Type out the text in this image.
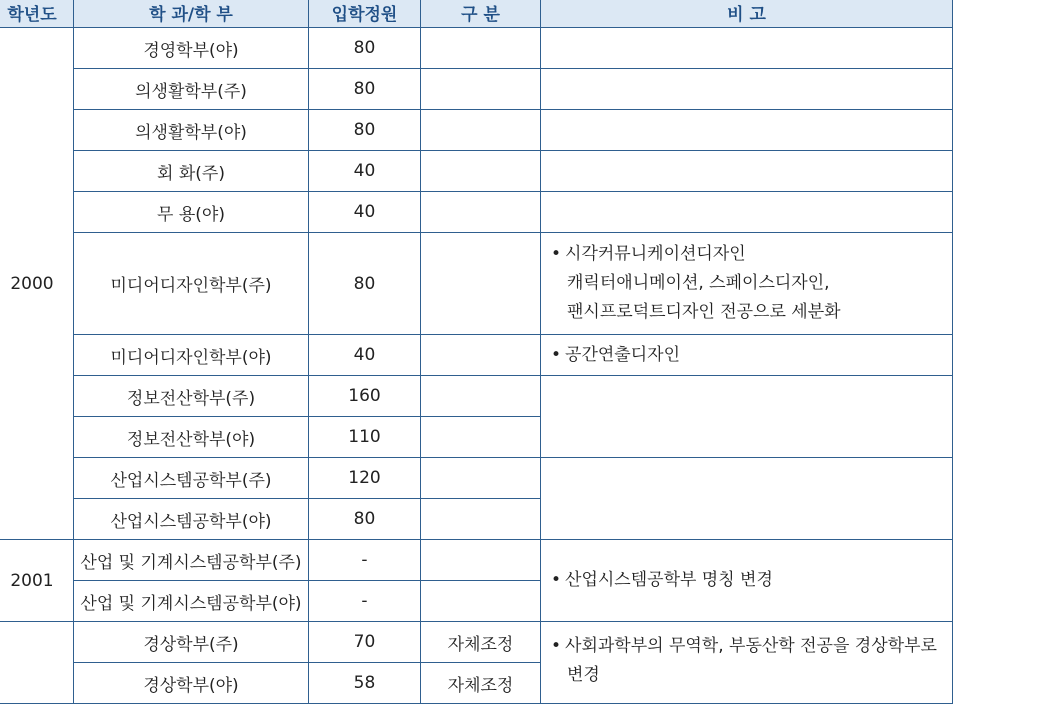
학년도	학 과/학 부	입학정원	구 분	비 고
2000	경영학부(야)	80		
	의생활학부(주)	80		
	의생활학부(야)	80		
	회 화(주)	40		
	무 용(야)	40		
	미디어디자인학부(주)	80		• 시각커뮤니케이션디자인
캐릭터애니메이션, 스페이스디자인,
팬시프로덕트디자인 전공으로 세분화

	미디어디자인학부(야)	40		• 공간연출디자인
	정보전산학부(주)	160		
	정보전산학부(야)	110		
	산업시스템공학부(주)	120		
	산업시스템공학부(야)	80		
2001	산업 및 기계시스템공학부(주)	-		• 산업시스템공학부 명칭 변경
	산업 및 기계시스템공학부(야)	-		
	경상학부(주)	70	자체조정	• 사회과학부의 무역학, 부동산학 전공을 경상학부로
변경

	경상학부(야)	58	자체조정	
